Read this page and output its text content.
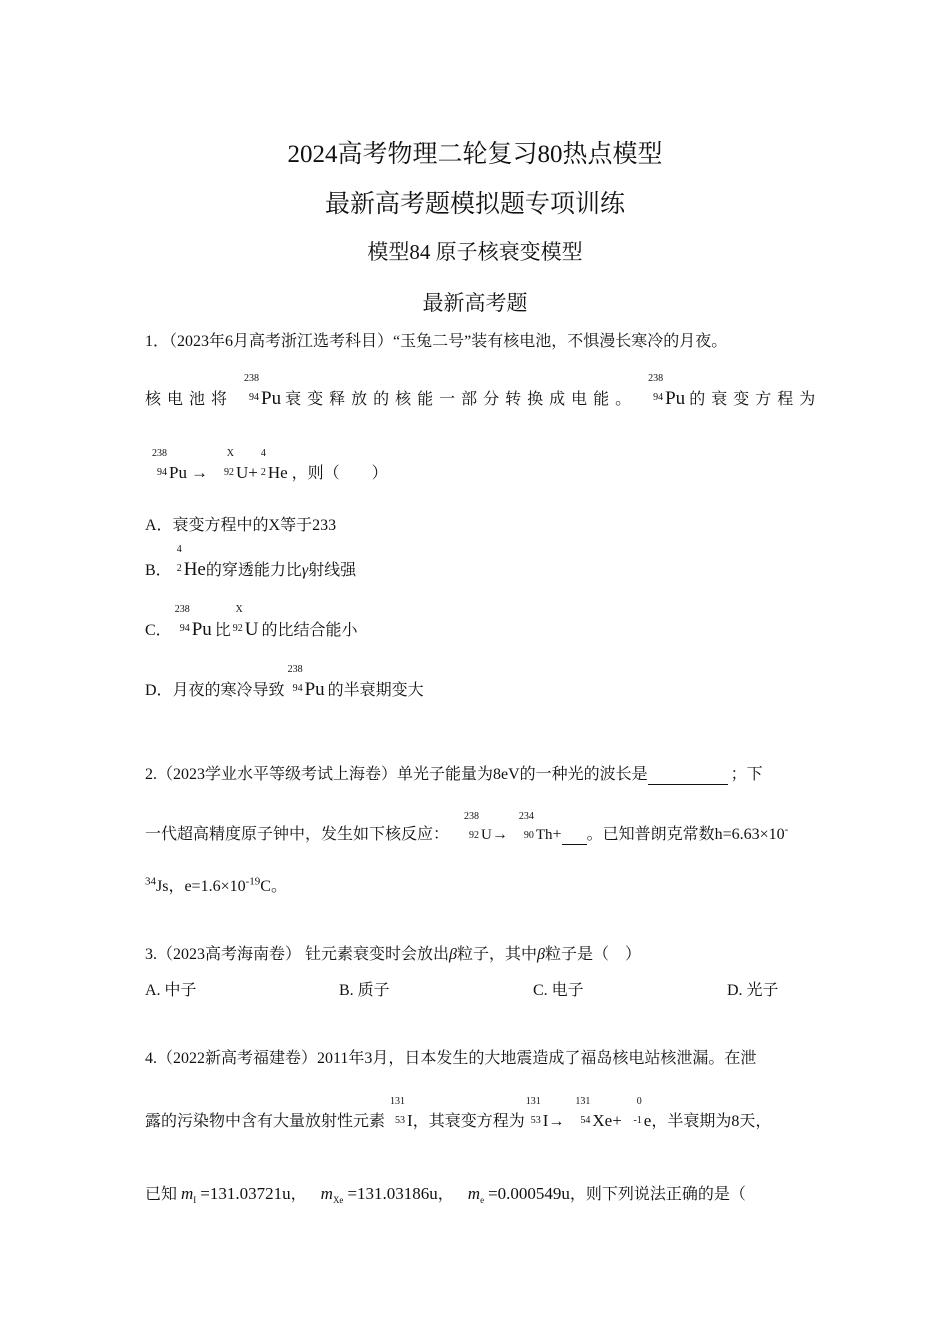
2024高考物理二轮复习80热点模型
最新高考题模拟题专项训练
模型84 原子核衰变模型
最新高考题
1．（2023年6月高考浙江选考科目）“玉兔二号”装有核电池，不惧漫长寒冷的月夜。
核电池将
238
94 Pu 衰变释放的核能一部分转换成电能。
238
94 Pu 的衰变方程为
238
94 Pu →
X
92 U+
4
2 He ，则（　　）
A．衰变方程中的X等于233
B．
4
2 He的穿透能力比γ射线强
C．
238
94 Pu 比
X
92 U 的比结合能小
D．月夜的寒冷导致
238
94 Pu 的半衰期变大
2.（2023学业水平等级考试上海卷）单光子能量为8eV的一种光的波长是	；下
一代超高精度原子钟中，发生如下核反应：
238
92 U→
234
90 Th+ 。已知普朗克常数h=6.63×10-
$^{34}$Js，$e=1.6\times 10^{-19}C$。
3.（2023高考海南卷） 钍元素衰变时会放出β粒子，其中β粒子是（　）
A. 中子	B. 质子	C. 电子	D. 光子
4.（2022新高考福建卷）2011年3月，日本发生的大地震造成了福岛核电站核泄漏。在泄
露的污染物中含有大量放射性元素
131
53 I，其衰变方程为
131
53 I→
131
54 Xe+
0
-1 e，半衰期为8天，
已知 $m_I =131.03721u$， $m_{Xe} =131.03186u$， $m_e =0.000549u$，则下列说法正确的是（
